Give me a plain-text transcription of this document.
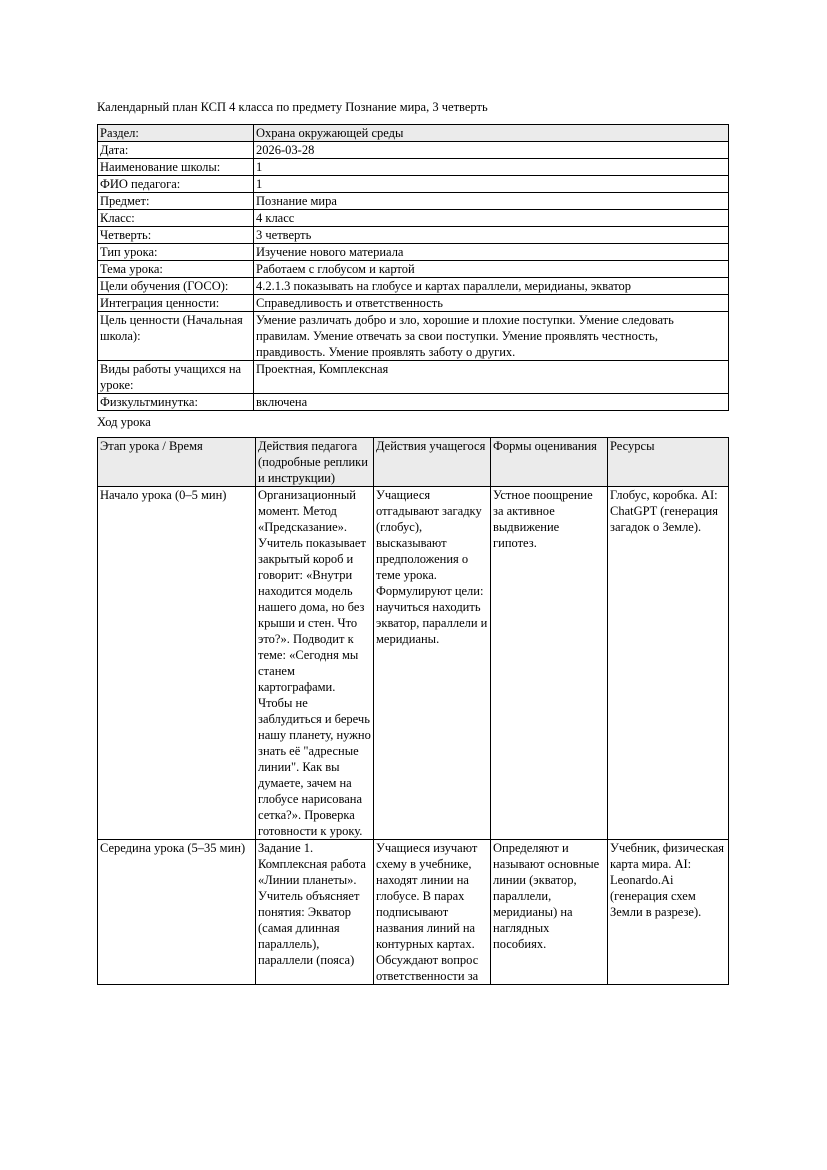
Календарный план КСП 4 класса по предмету Познание мира, 3 четверть
Раздел:	Охрана окружающей среды
Дата:	2026-03-28
Наименование школы:	1
ФИО педагога:	1
Предмет:	Познание мира
Класс:	4 класс
Четверть:	3 четверть
Тип урока:	Изучение нового материала
Тема урока:	Работаем с глобусом и картой
Цели обучения (ГОСО):	4.2.1.3 показывать на глобусе и картах параллели, меридианы, экватор
Интеграция ценности:	Справедливость и ответственность
Цель ценности (Начальная школа):	Умение различать добро и зло, хорошие и плохие поступки. Умение следовать правилам. Умение отвечать за свои поступки. Умение проявлять честность, правдивость. Умение проявлять заботу о других.
Виды работы учащихся на уроке:	Проектная, Комплексная
Физкультминутка:	включена
Ход урока
Этап урока / Время	Действия педагога (подробные реплики и инструкции)	Действия учащегося	Формы оценивания	Ресурсы
Начало урока (0–5 мин)	Организационный момент. Метод «Предсказание». Учитель показывает закрытый короб и говорит: «Внутри находится модель нашего дома, но без крыши и стен. Что это?». Подводит к теме: «Сегодня мы станем картографами. Чтобы не заблудиться и беречь нашу планету, нужно знать её "адресные линии". Как вы думаете, зачем на глобусе нарисована сетка?». Проверка готовности к уроку.	Учащиеся отгадывают загадку (глобус), высказывают предположения о теме урока. Формулируют цели: научиться находить экватор, параллели и меридианы.	Устное поощрение за активное выдвижение гипотез.	Глобус, коробка. AI: ChatGPT (генерация загадок о Земле).
Середина урока (5–35 мин)	Задание 1. Комплексная работа «Линии планеты». Учитель объясняет понятия: Экватор (самая длинная параллель), параллели (пояса)	Учащиеся изучают схему в учебнике, находят линии на глобусе. В парах подписывают названия линий на контурных картах. Обсуждают вопрос ответственности за	Определяют и называют основные линии (экватор, параллели, меридианы) на наглядных пособиях.	Учебник, физическая карта мира. AI: Leonardo.Ai (генерация схем Земли в разрезе).
